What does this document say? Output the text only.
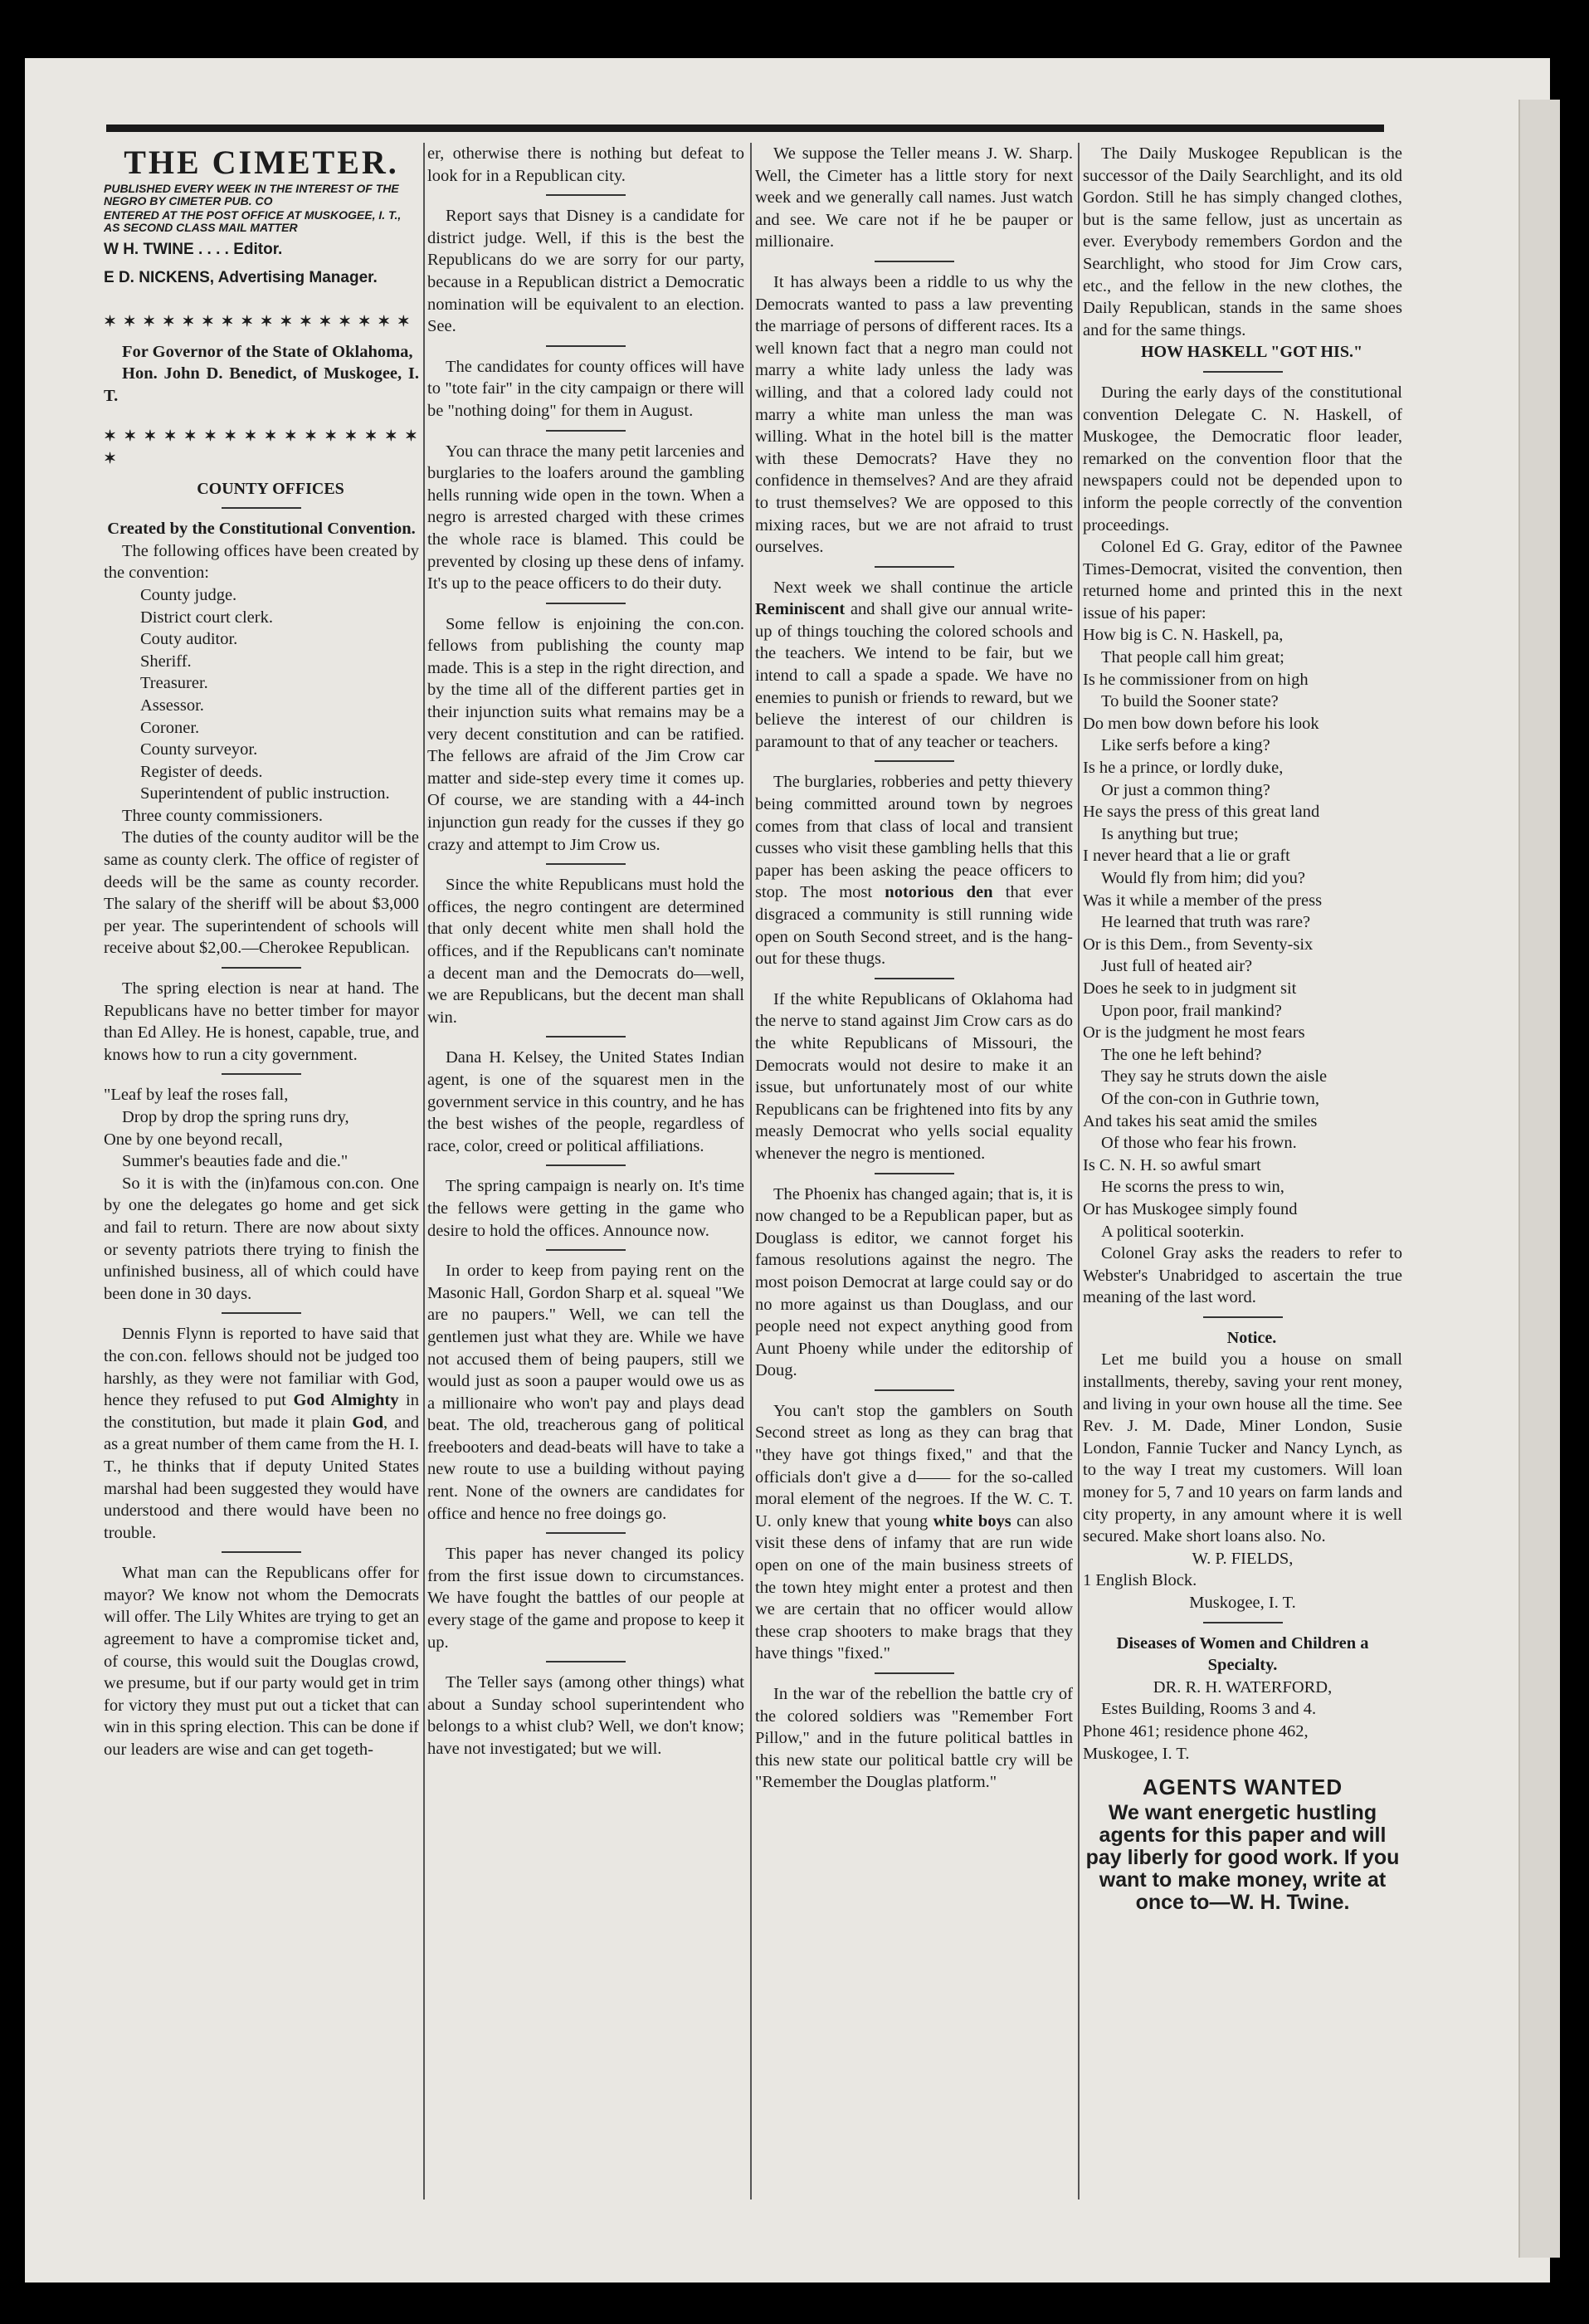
THE CIMETER.
PUBLISHED EVERY WEEK IN THE INTEREST OF THE NEGRO BY CIMETER PUB. CO
ENTERED AT THE POST OFFICE AT MUSKOGEE, I. T., AS SECOND CLASS MAIL MATTER

W H. TWINE . . . . Editor.

E D. NICKENS, Advertising Manager.

✶ ✶ ✶ ✶ ✶ ✶ ✶ ✶ ✶ ✶ ✶ ✶ ✶ ✶ ✶ ✶

For Governor of the State of Oklahoma,

Hon. John D. Benedict, of Muskogee, I. T.

✶ ✶ ✶ ✶ ✶ ✶ ✶ ✶ ✶ ✶ ✶ ✶ ✶ ✶ ✶ ✶ ✶

COUNTY OFFICES

Created by the Constitutional Convention.

The following offices have been created by the convention:

County judge.

District court clerk.

Couty auditor.

Sheriff.

Treasurer.

Assessor.

Coroner.

County surveyor.

Register of deeds.

Superintendent of public instruction.

Three county commissioners.

The duties of the county auditor will be the same as county clerk. The office of register of deeds will be the same as county recorder. The salary of the sheriff will be about $3,000 per year. The superintendent of schools will receive about $2,00.—Cherokee Republican.

The spring election is near at hand. The Republicans have no better timber for mayor than Ed Alley. He is honest, capable, true, and knows how to run a city government.

"Leaf by leaf the roses fall,

Drop by drop the spring runs dry,

One by one beyond recall,

Summer's beauties fade and die."

So it is with the (in)famous con.con. One by one the delegates go home and get sick and fail to return. There are now about sixty or seventy patriots there trying to finish the unfinished business, all of which could have been done in 30 days.

Dennis Flynn is reported to have said that the con.con. fellows should not be judged too harshly, as they were not familiar with God, hence they refused to put God Almighty in the constitution, but made it plain God, and as a great number of them came from the H. I. T., he thinks that if deputy United States marshal had been suggested they would have understood and there would have been no trouble.

What man can the Republicans offer for mayor? We know not whom the Democrats will offer. The Lily Whites are trying to get an agreement to have a compromise ticket and, of course, this would suit the Douglas crowd, we presume, but if our party would get in trim for victory they must put out a ticket that can win in this spring election. This can be done if our leaders are wise and can get togeth-

er, otherwise there is nothing but defeat to look for in a Republican city.

Report says that Disney is a candidate for district judge. Well, if this is the best the Republicans do we are sorry for our party, because in a Republican district a Democratic nomination will be equivalent to an election. See.

The candidates for county offices will have to "tote fair" in the city campaign or there will be "nothing doing" for them in August.

You can thrace the many petit larcenies and burglaries to the loafers around the gambling hells running wide open in the town. When a negro is arrested charged with these crimes the whole race is blamed. This could be prevented by closing up these dens of infamy. It's up to the peace officers to do their duty.

Some fellow is enjoining the con.con. fellows from publishing the county map made. This is a step in the right direction, and by the time all of the different parties get in their injunction suits what remains may be a very decent constitution and can be ratified. The fellows are afraid of the Jim Crow car matter and side-step every time it comes up. Of course, we are standing with a 44-inch injunction gun ready for the cusses if they go crazy and attempt to Jim Crow us.

Since the white Republicans must hold the offices, the negro contingent are determined that only decent white men shall hold the offices, and if the Republicans can't nominate a decent man and the Democrats do—well, we are Republicans, but the decent man shall win.

Dana H. Kelsey, the United States Indian agent, is one of the squarest men in the government service in this country, and he has the best wishes of the people, regardless of race, color, creed or political affiliations.

The spring campaign is nearly on. It's time the fellows were getting in the game who desire to hold the offices. Announce now.

In order to keep from paying rent on the Masonic Hall, Gordon Sharp et al. squeal "We are no paupers." Well, we can tell the gentlemen just what they are. While we have not accused them of being paupers, still we would just as soon a pauper would owe us as a millionaire who won't pay and plays dead beat. The old, treacherous gang of political freebooters and dead-beats will have to take a new route to use a building without paying rent. None of the owners are candidates for office and hence no free doings go.

This paper has never changed its policy from the first issue down to circumstances. We have fought the battles of our people at every stage of the game and propose to keep it up.

The Teller says (among other things) what about a Sunday school superintendent who belongs to a whist club? Well, we don't know; have not investigated; but we will.

We suppose the Teller means J. W. Sharp. Well, the Cimeter has a little story for next week and we generally call names. Just watch and see. We care not if he be pauper or millionaire.

It has always been a riddle to us why the Democrats wanted to pass a law preventing the marriage of persons of different races. Its a well known fact that a negro man could not marry a white lady unless the lady was willing, and that a colored lady could not marry a white man unless the man was willing. What in the hotel bill is the matter with these Democrats? Have they no confidence in themselves? And are they afraid to trust themselves? We are opposed to this mixing races, but we are not afraid to trust ourselves.

Next week we shall continue the article Reminiscent and shall give our annual write-up of things touching the colored schools and the teachers. We intend to be fair, but we intend to call a spade a spade. We have no enemies to punish or friends to reward, but we believe the interest of our children is paramount to that of any teacher or teachers.

The burglaries, robberies and petty thievery being committed around town by negroes comes from that class of local and transient cusses who visit these gambling hells that this paper has been asking the peace officers to stop. The most notorious den that ever disgraced a community is still running wide open on South Second street, and is the hang-out for these thugs.

If the white Republicans of Oklahoma had the nerve to stand against Jim Crow cars as do the white Republicans of Missouri, the Democrats would not desire to make it an issue, but unfortunately most of our white Republicans can be frightened into fits by any measly Democrat who yells social equality whenever the negro is mentioned.

The Phoenix has changed again; that is, it is now changed to be a Republican paper, but as Douglass is editor, we cannot forget his famous resolutions against the negro. The most poison Democrat at large could say or do no more against us than Douglass, and our people need not expect anything good from Aunt Phoeny while under the editorship of Doug.

You can't stop the gamblers on South Second street as long as they can brag that "they have got things fixed," and that the officials don't give a d—— for the so-called moral element of the negroes. If the W. C. T. U. only knew that young white boys can also visit these dens of infamy that are run wide open on one of the main business streets of the town htey might enter a protest and then we are certain that no officer would allow these crap shooters to make brags that they have things "fixed."

In the war of the rebellion the battle cry of the colored soldiers was "Remember Fort Pillow," and in the future political battles in this new state our political battle cry will be "Remember the Douglas platform."

The Daily Muskogee Republican is the successor of the Daily Searchlight, and its old Gordon. Still he has simply changed clothes, but is the same fellow, just as uncertain as ever. Everybody remembers Gordon and the Searchlight, who stood for Jim Crow cars, etc., and the fellow in the new clothes, the Daily Republican, stands in the same shoes and for the same things.

HOW HASKELL "GOT HIS."

During the early days of the constitutional convention Delegate C. N. Haskell, of Muskogee, the Democratic floor leader, remarked on the convention floor that the newspapers could not be depended upon to inform the people correctly of the convention proceedings.

Colonel Ed G. Gray, editor of the Pawnee Times-Democrat, visited the convention, then returned home and printed this in the next issue of his paper:

How big is C. N. Haskell, pa,

That people call him great;

Is he commissioner from on high

To build the Sooner state?

Do men bow down before his look

Like serfs before a king?

Is he a prince, or lordly duke,

Or just a common thing?

He says the press of this great land

Is anything but true;

I never heard that a lie or graft

Would fly from him; did you?

Was it while a member of the press

He learned that truth was rare?

Or is this Dem., from Seventy-six

Just full of heated air?

Does he seek to in judgment sit

Upon poor, frail mankind?

Or is the judgment he most fears

The one he left behind?

They say he struts down the aisle

Of the con-con in Guthrie town,

And takes his seat amid the smiles

Of those who fear his frown.

Is C. N. H. so awful smart

He scorns the press to win,

Or has Muskogee simply found

A political sooterkin.

Colonel Gray asks the readers to refer to Webster's Unabridged to ascertain the true meaning of the last word.

Notice.

Let me build you a house on small installments, thereby, saving your rent money, and living in your own house all the time. See Rev. J. M. Dade, Miner London, Susie London, Fannie Tucker and Nancy Lynch, as to the way I treat my customers. Will loan money for 5, 7 and 10 years on farm lands and city property, in any amount where it is well secured. Make short loans also. No.

W. P. FIELDS,

1 English Block.

Muskogee, I. T.

Diseases of Women and Children a

Specialty.

DR. R. H. WATERFORD,

Estes Building, Rooms 3 and 4.

Phone 461; residence phone 462,

Muskogee, I. T.

AGENTS WANTED
We want energetic hustling agents for this paper and will pay liberly for good work. If you want to make money, write at once to—W. H. Twine.
